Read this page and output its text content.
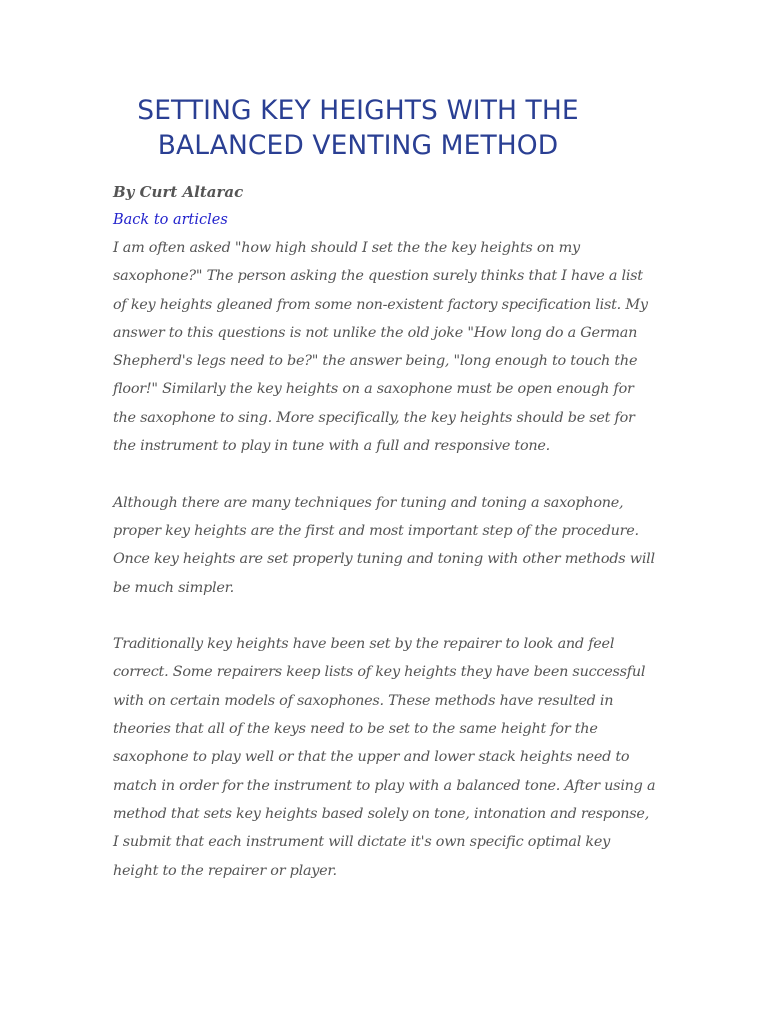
SETTING KEY HEIGHTS WITH THE BALANCED VENTING METHOD
By Curt Altarac
Back to articles

I am often asked "how high should I set the the key heights on my saxophone?" The person asking the question surely thinks that I have a list of key heights gleaned from some non-existent factory specification list. My answer to this questions is not unlike the old joke "How long do a German Shepherd's legs need to be?" the answer being, "long enough to touch the floor!" Similarly the key heights on a saxophone must be open enough for the saxophone to sing. More specifically, the key heights should be set for the instrument to play in tune with a full and responsive tone.

Although there are many techniques for tuning and toning a saxophone, proper key heights are the first and most important step of the procedure. Once key heights are set properly tuning and toning with other methods will be much simpler.

Traditionally key heights have been set by the repairer to look and feel correct. Some repairers keep lists of key heights they have been successful with on certain models of saxophones. These methods have resulted in theories that all of the keys need to be set to the same height for the saxophone to play well or that the upper and lower stack heights need to match in order for the instrument to play with a balanced tone. After using a method that sets key heights based solely on tone, intonation and response, I submit that each instrument will dictate it's own specific optimal key height to the repairer or player.
